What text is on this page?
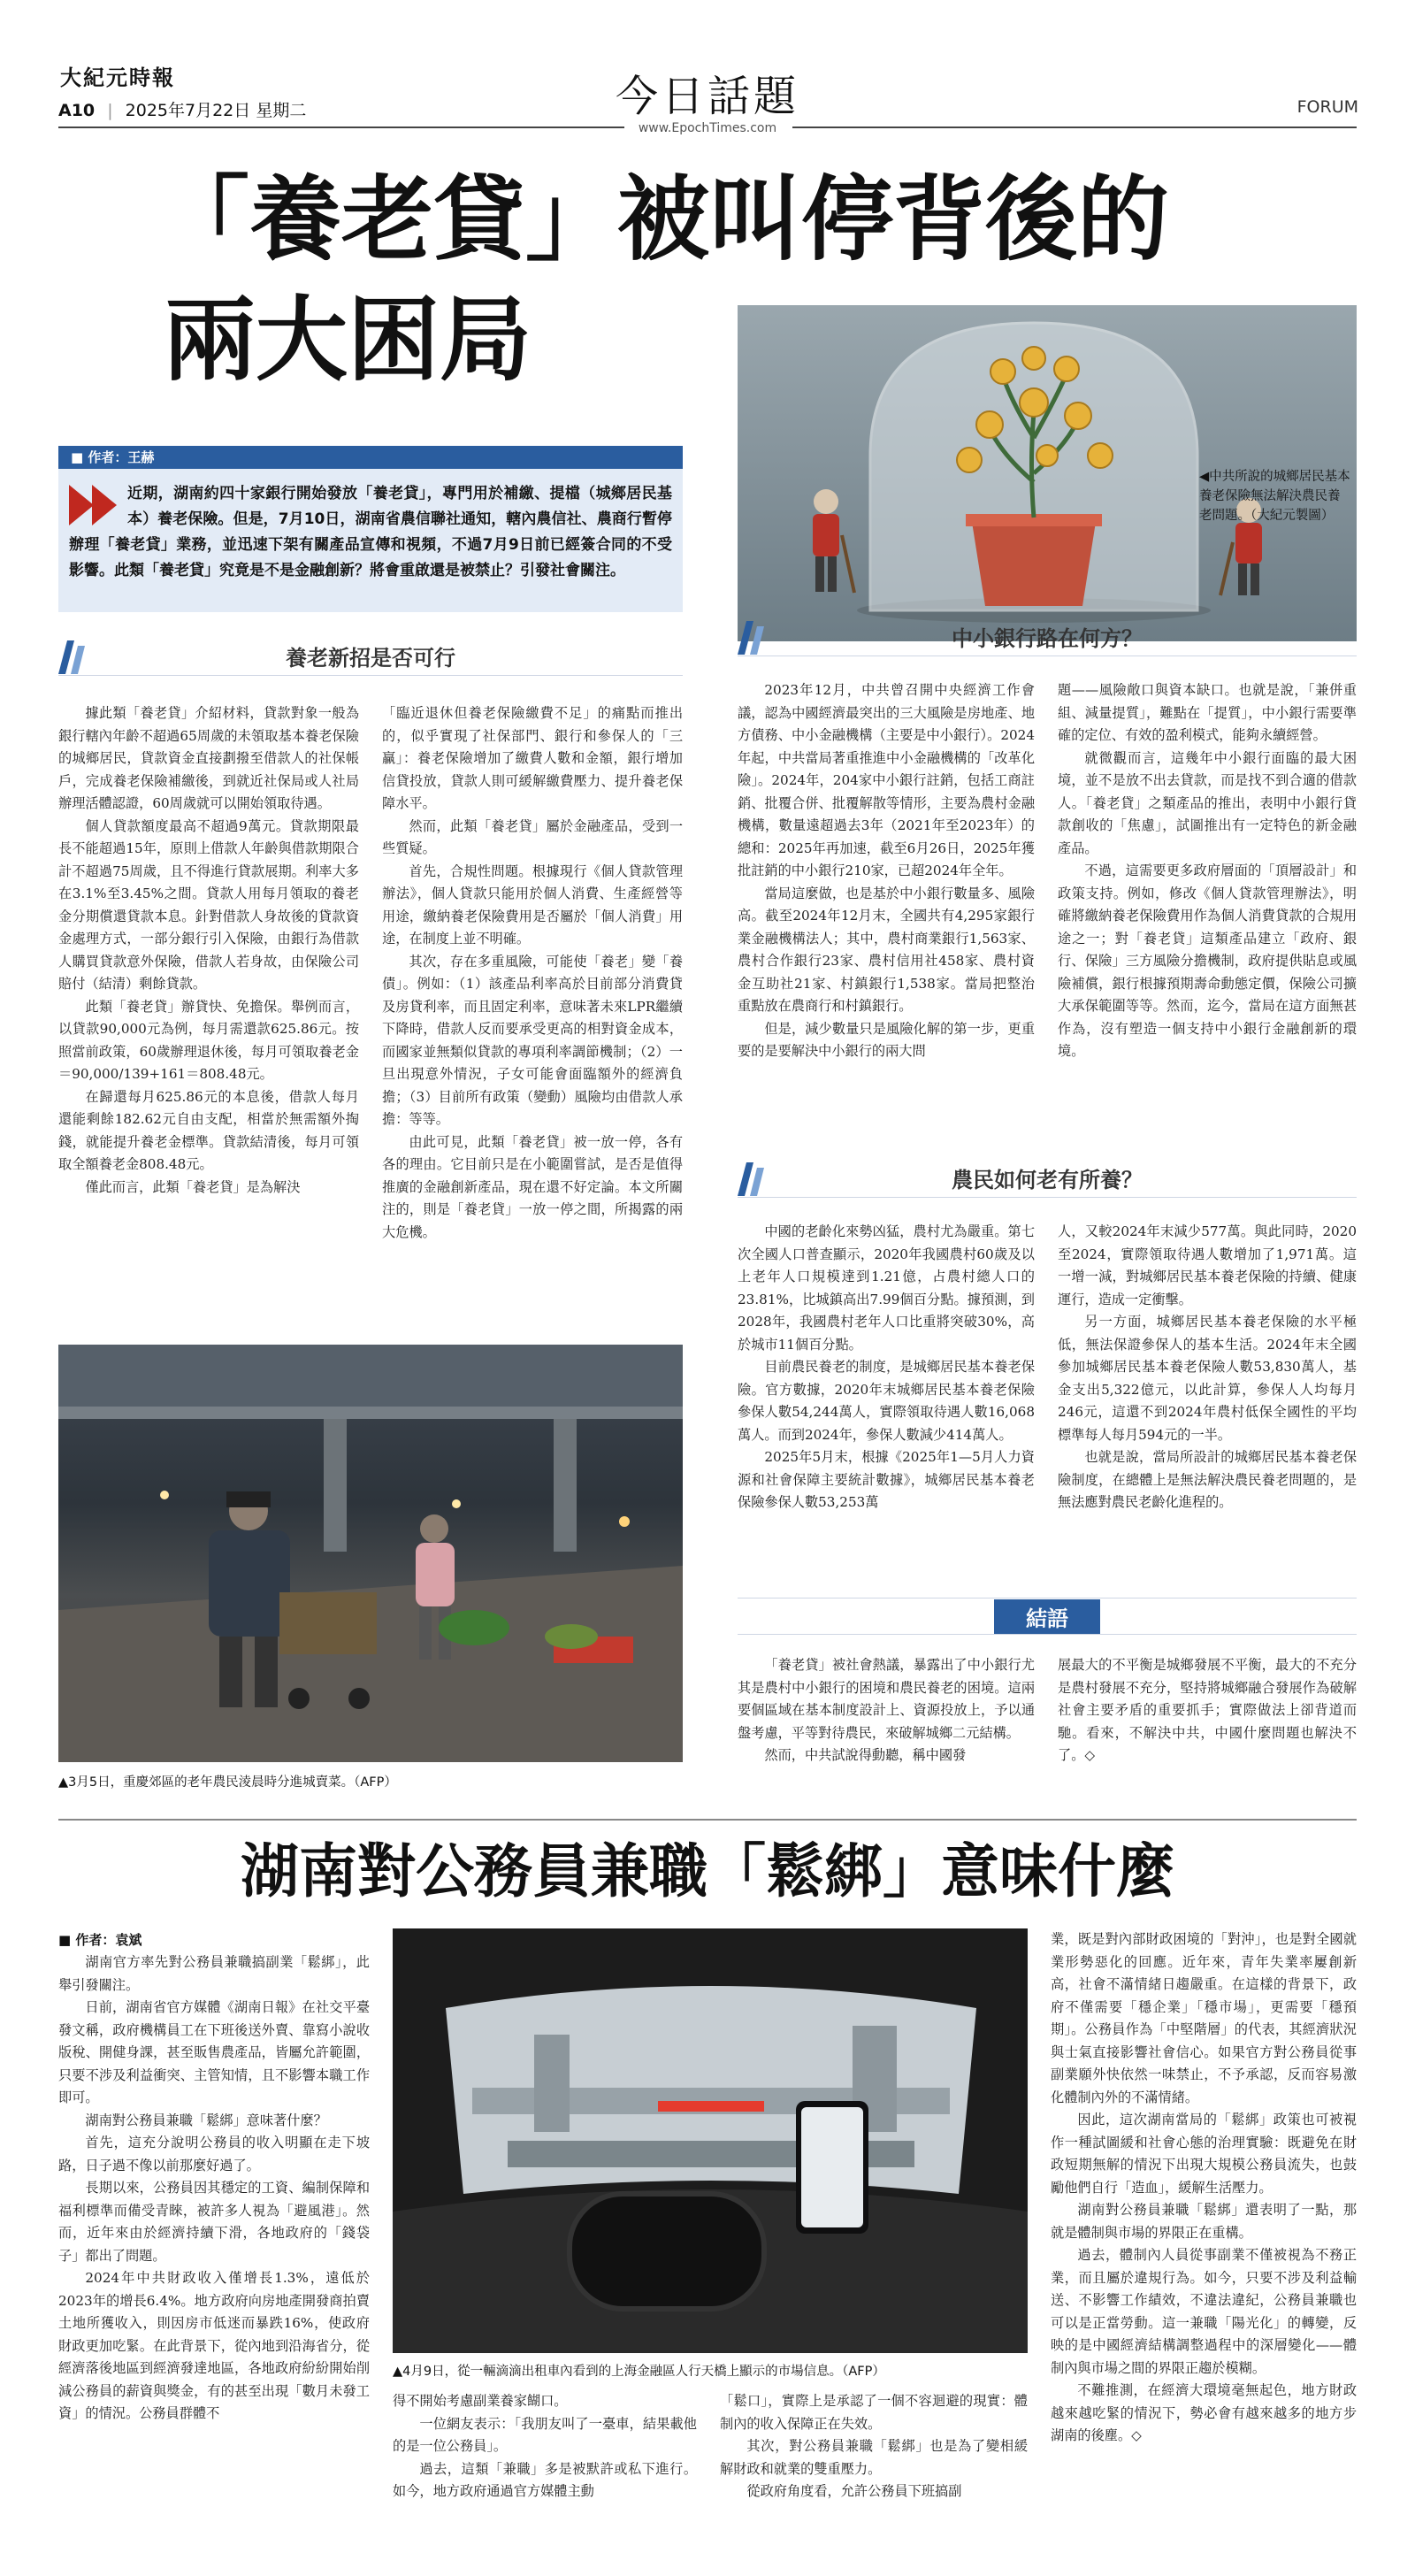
大紀元時報
A10 | 2025年7月22日 星期二	今日話題
www.EpochTimes.com
FORUM
「養老貸」被叫停背後的
兩大困局
◀中共所說的城鄉居民基本養老保險無法解決農民養老問題。（大紀元製圖）
■ 作者：王赫

近期，湖南約四十家銀行開始發放「養老貸」，專門用於補繳、提檔（城鄉居民基本）養老保險。但是，7月10日，湖南省農信聯社通知，轄內農信社、農商行暫停辦理「養老貸」業務，並迅速下架有關產品宣傳和視頻，不過7月9日前已經簽合同的不受影響。此類「養老貸」究竟是不是金融創新？將會重啟還是被禁止？引發社會關注。

養老新招是否可行

據此類「養老貸」介紹材料，貸款對象一般為銀行轄內年齡不超過65周歲的未領取基本養老保險的城鄉居民，貸款資金直接劃撥至借款人的社保帳戶，完成養老保險補繳後，到就近社保局或人社局辦理活體認證，60周歲就可以開始領取待遇。

個人貸款額度最高不超過9萬元。貸款期限最長不能超過15年，原則上借款人年齡與借款期限合計不超過75周歲，且不得進行貸款展期。利率大多在3.1%至3.45%之間。貸款人用每月領取的養老金分期償還貸款本息。針對借款人身故後的貸款資金處理方式，一部分銀行引入保險，由銀行為借款人購買貸款意外保險，借款人若身故，由保險公司賠付（結清）剩餘貸款。

此類「養老貸」辦貸快、免擔保。舉例而言，以貸款90,000元為例，每月需還款625.86元。按照當前政策，60歲辦理退休後，每月可領取養老金＝90,000/139+161＝808.48元。

在歸還每月625.86元的本息後，借款人每月還能剩餘182.62元自由支配，相當於無需額外掏錢，就能提升養老金標準。貸款結清後，每月可領取全額養老金808.48元。

僅此而言，此類「養老貸」是為解決

「臨近退休但養老保險繳費不足」的痛點而推出的，似乎實現了社保部門、銀行和參保人的「三贏」：養老保險增加了繳費人數和金額，銀行增加信貸投放，貸款人則可緩解繳費壓力、提升養老保障水平。

然而，此類「養老貸」屬於金融產品，受到一些質疑。

首先，合規性問題。根據現行《個人貸款管理辦法》，個人貸款只能用於個人消費、生產經營等用途，繳納養老保險費用是否屬於「個人消費」用途，在制度上並不明確。

其次，存在多重風險，可能使「養老」變「養債」。例如：（1）該產品利率高於目前部分消費貸及房貸利率，而且固定利率，意味著未來LPR繼續下降時，借款人反而要承受更高的相對資金成本，而國家並無類似貸款的專項利率調節機制；（2）一旦出現意外情況，子女可能會面臨額外的經濟負擔；（3）目前所有政策（變動）風險均由借款人承擔：等等。

由此可見，此類「養老貸」被一放一停，各有各的理由。它目前只是在小範圍嘗試，是否是值得推廣的金融創新產品，現在還不好定論。本文所關注的，則是「養老貸」一放一停之間，所揭露的兩大危機。

中小銀行路在何方？

2023年12月，中共曾召開中央經濟工作會議，認為中國經濟最突出的三大風險是房地產、地方債務、中小金融機構（主要是中小銀行）。2024年起，中共當局著重推進中小金融機構的「改革化險」。2024年，204家中小銀行註銷，包括工商註銷、批覆合併、批覆解散等情形，主要為農村金融機構，數量遠超過去3年（2021年至2023年）的總和：2025年再加速，截至6月26日，2025年獲批註銷的中小銀行210家，已超2024年全年。

當局這麼做，也是基於中小銀行數量多、風險高。截至2024年12月末，全國共有4,295家銀行業金融機構法人；其中，農村商業銀行1,563家、農村合作銀行23家、農村信用社458家、農村資金互助社21家、村鎮銀行1,538家。當局把整治重點放在農商行和村鎮銀行。

但是，減少數量只是風險化解的第一步，更重要的是要解決中小銀行的兩大問

題——風險敞口與資本缺口。也就是說，「兼併重組、減量提質」，難點在「提質」，中小銀行需要準確的定位、有效的盈利模式，能夠永續經營。

就微觀而言，這幾年中小銀行面臨的最大困境，並不是放不出去貸款，而是找不到合適的借款人。「養老貸」之類產品的推出，表明中小銀行貸款創收的「焦慮」，試圖推出有一定特色的新金融產品。

不過，這需要更多政府層面的「頂層設計」和政策支持。例如，修改《個人貸款管理辦法》，明確將繳納養老保險費用作為個人消費貸款的合規用途之一；對「養老貸」這類產品建立「政府、銀行、保險」三方風險分擔機制，政府提供貼息或風險補償，銀行根據預期壽命動態定價，保險公司擴大承保範圍等等。然而，迄今，當局在這方面無甚作為，沒有塑造一個支持中小銀行金融創新的環境。

農民如何老有所養？

中國的老齡化來勢凶猛，農村尤為嚴重。第七次全國人口普查顯示，2020年我國農村60歲及以上老年人口規模達到1.21億，占農村總人口的23.81%，比城鎮高出7.99個百分點。據預測，到2028年，我國農村老年人口比重將突破30%，高於城市11個百分點。

目前農民養老的制度，是城鄉居民基本養老保險。官方數據，2020年末城鄉居民基本養老保險參保人數54,244萬人，實際領取待遇人數16,068萬人。而到2024年，參保人數減少414萬人。

2025年5月末，根據《2025年1—5月人力資源和社會保障主要統計數據》，城鄉居民基本養老保險參保人數53,253萬

人，又較2024年末減少577萬。與此同時，2020至2024，實際領取待遇人數增加了1,971萬。這一增一減，對城鄉居民基本養老保險的持續、健康運行，造成一定衝擊。

另一方面，城鄉居民基本養老保險的水平極低，無法保證參保人的基本生活。2024年末全國參加城鄉居民基本養老保險人數53,830萬人，基金支出5,322億元，以此計算，參保人人均每月246元，這還不到2024年農村低保全國性的平均標準每人每月594元的一半。

也就是說，當局所設計的城鄉居民基本養老保險制度，在總體上是無法解決農民養老問題的，是無法應對農民老齡化進程的。

結語

「養老貸」被社會熱議，暴露出了中小銀行尤其是農村中小銀行的困境和農民養老的困境。這兩要個區域在基本制度設計上、資源投放上，予以通盤考慮，平等對待農民，來破解城鄉二元結構。

然而，中共試說得動聽，稱中國發

展最大的不平衡是城鄉發展不平衡，最大的不充分是農村發展不充分，堅持將城鄉融合發展作為破解社會主要矛盾的重要抓手；實際做法上卻背道而馳。看來，不解決中共，中國什麼問題也解決不了。◇

▲3月5日，重慶郊區的老年農民淩晨時分進城賣菜。（AFP）
湖南對公務員兼職「鬆綁」意味什麼
■ 作者：袁斌

湖南官方率先對公務員兼職搞副業「鬆綁」，此舉引發關注。

日前，湖南省官方媒體《湖南日報》在社交平臺發文稱，政府機構員工在下班後送外賣、靠寫小說收版稅、開健身課，甚至販售農產品，皆屬允許範圍，只要不涉及利益衝突、主管知情，且不影響本職工作即可。

湖南對公務員兼職「鬆綁」意味著什麼？

首先，這充分說明公務員的收入明顯在走下坡路，日子過不像以前那麼好過了。

長期以來，公務員因其穩定的工資、編制保障和福利標準而備受青睞，被許多人視為「避風港」。然而，近年來由於經濟持續下滑，各地政府的「錢袋子」都出了問題。

2024年中共財政收入僅增長1.3%，遠低於2023年的增長6.4%。地方政府向房地產開發商拍賣土地所獲收入，則因房市低迷而暴跌16%，使政府財政更加吃緊。在此背景下，從內地到沿海省分，從經濟落後地區到經濟發達地區，各地政府紛紛開始削減公務員的薪資與獎金，有的甚至出現「數月未發工資」的情況。公務員群體不

▲4月9日，從一輛滴滴出租車內看到的上海金融區人行天橋上顯示的市場信息。（AFP）

得不開始考慮副業養家餬口。

一位網友表示：「我朋友叫了一臺車，結果載他的是一位公務員」。

過去，這類「兼職」多是被默許或私下進行。如今，地方政府通過官方媒體主動

「鬆口」，實際上是承認了一個不容迴避的現實：體制內的收入保障正在失效。

其次，對公務員兼職「鬆綁」也是為了變相緩解財政和就業的雙重壓力。

從政府角度看，允許公務員下班搞副

業，既是對內部財政困境的「對沖」，也是對全國就業形勢惡化的回應。近年來，青年失業率屢創新高，社會不滿情緒日趨嚴重。在這樣的背景下，政府不僅需要「穩企業」「穩市場」，更需要「穩預期」。公務員作為「中堅階層」的代表，其經濟狀況與士氣直接影響社會信心。如果官方對公務員從事副業願外快依然一味禁止，不予承認，反而容易激化體制內外的不滿情緒。

因此，這次湖南當局的「鬆綁」政策也可被視作一種試圖緩和社會心態的治理實驗：既避免在財政短期無解的情況下出現大規模公務員流失，也鼓勵他們自行「造血」，緩解生活壓力。

湖南對公務員兼職「鬆綁」還表明了一點，那就是體制與市場的界限正在重構。

過去，體制內人員從事副業不僅被視為不務正業，而且屬於違規行為。如今，只要不涉及利益輸送、不影響工作績效，不違法違紀，公務員兼職也可以是正當勞動。這一兼職「陽光化」的轉變，反映的是中國經濟結構調整過程中的深層變化——體制內與市場之間的界限正趨於模糊。

不難推測，在經濟大環境毫無起色，地方財政越來越吃緊的情況下，勢必會有越來越多的地方步湖南的後塵。◇
